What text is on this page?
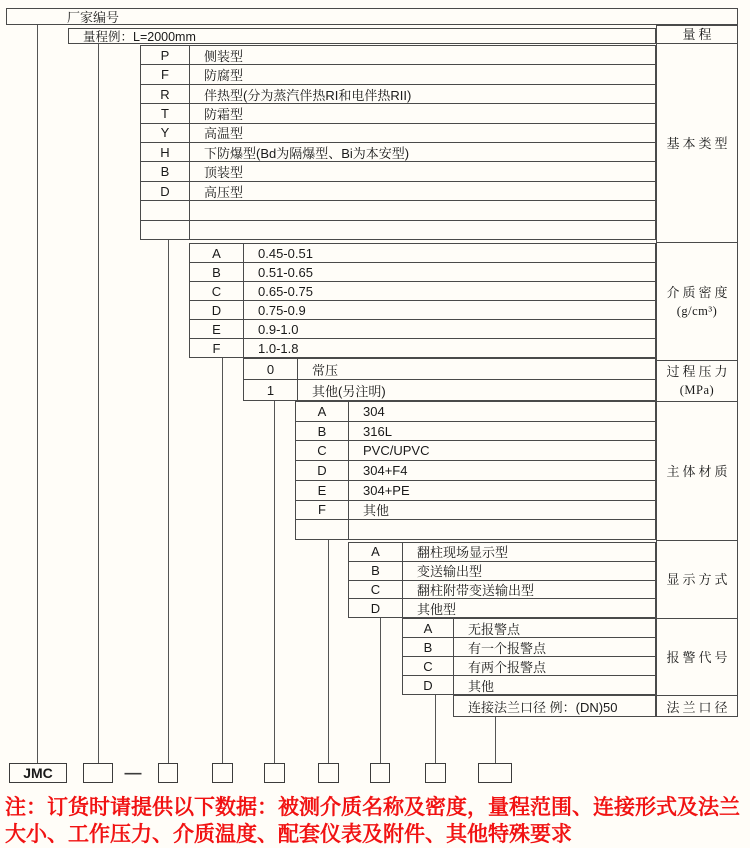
厂家编号
量程例：L=2000mm
P	侧装型
F	防腐型
R	伴热型(分为蒸汽伴热RI和电伴热RII)
T	防霜型
Y	高温型
H	下防爆型(Bd为隔爆型、Bi为本安型)
B	顶装型
D	高压型
A	0.45-0.51
B	0.51-0.65
C	0.65-0.75
D	0.75-0.9
E	0.9-1.0
F	1.0-1.8
0	常压
1	其他(另注明)
A	304
B	316L
C	PVC/UPVC
D	304+F4
E	304+PE
F	其他
A	翻柱现场显示型
B	变送输出型
C	翻柱附带变送输出型
D	其他型
A	无报警点
B	有一个报警点
C	有两个报警点
D	其他
连接法兰口径 例：(DN)50
量程
基本类型
介质密度
(g/cm³)
过程压力
(MPa)
主体材质
显示方式
报警代号
法兰口径
JMC	—
注：订货时请提供以下数据：被测介质名称及密度，量程范围、连接形式及法兰大小、工作压力、介质温度、配套仪表及附件、其他特殊要求
